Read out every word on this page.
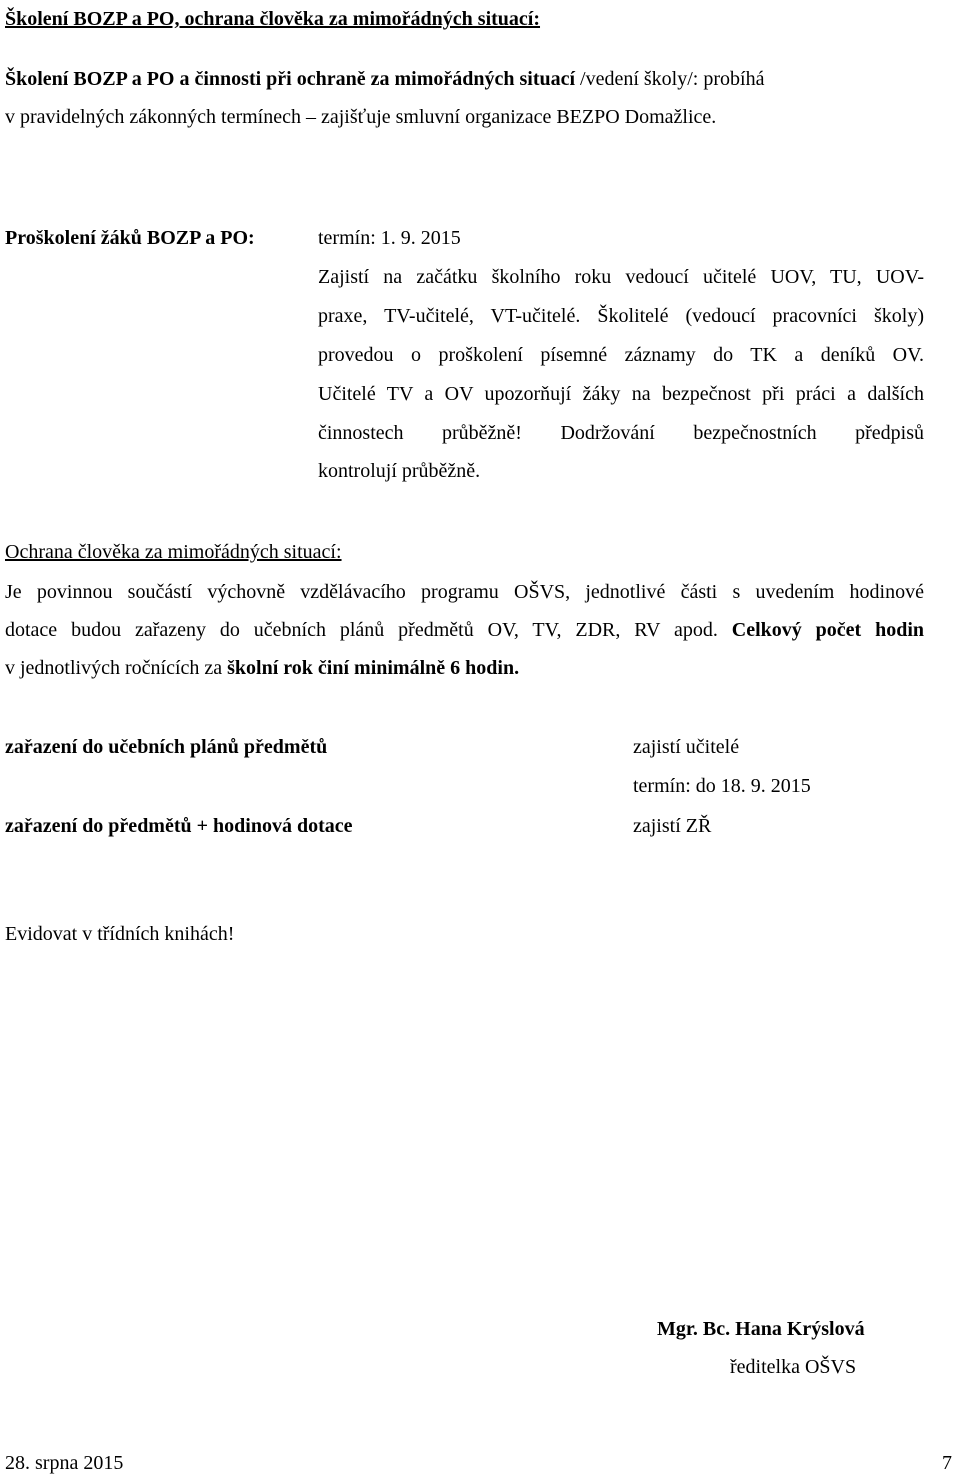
Školení BOZP a PO, ochrana člověka za mimořádných situací:
Školení BOZP a PO a činnosti při ochraně za mimořádných situací /vedení školy/: probíhá
v pravidelných zákonných termínech – zajišťuje smluvní organizace BEZPO Domažlice.
Proškolení žáků BOZP a PO:	termín: 1. 9. 2015
Zajistí na začátku školního roku vedoucí učitelé UOV, TU, UOV-
praxe, TV-učitelé, VT-učitelé. Školitelé (vedoucí pracovníci školy)
provedou o proškolení písemné záznamy do TK a deníků OV.
Učitelé TV a OV upozorňují žáky na bezpečnost při práci a dalších
činnostech průběžně! Dodržování bezpečnostních předpisů
kontrolují průběžně.
Ochrana člověka za mimořádných situací:
Je povinnou součástí výchovně vzdělávacího programu OŠVS, jednotlivé části s uvedením hodinové
dotace budou zařazeny do učebních plánů předmětů OV, TV, ZDR, RV apod. Celkový počet hodin
v jednotlivých ročnících za školní rok činí minimálně 6 hodin.
zařazení do učebních plánů předmětů	zajistí učitelé
termín: do 18. 9. 2015
zařazení do předmětů + hodinová dotace	zajistí ZŘ
Evidovat v třídních knihách!
Mgr. Bc. Hana Krýslová
ředitelka OŠVS
28. srpna 2015	7
